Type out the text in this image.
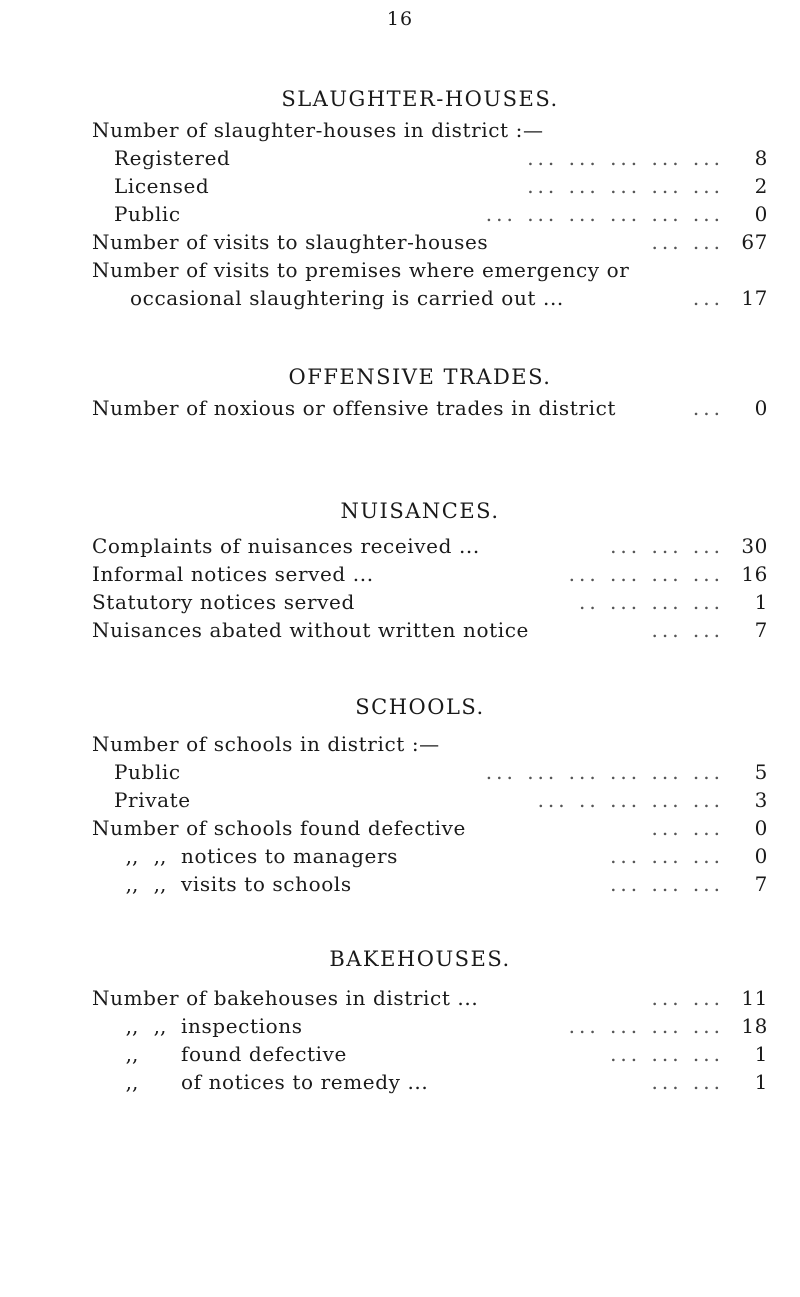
16
SLAUGHTER-HOUSES.
Number of slaughter-houses in district :—
Registered	... ... ... ... ...	8
Licensed	... ... ... ... ...	2
Public	... ... ... ... ... ...	0
Number of visits to slaughter-houses	... ... 67
Number of visits to premises where emergency or
occasional slaughtering is carried out ...	... 17
OFFENSIVE TRADES.
Number of noxious or offensive trades in district	...	0
NUISANCES.
Complaints of nuisances received ...	... ... ... 30
Informal notices served ...	... ... ... ... 16
Statutory notices served	.. ... ... ...	1
Nuisances abated without written notice	... ...	7
SCHOOLS.
Number of schools in district :—
Public	... ... ... ... ... ...	5
Private	... .. ... ... ...	3
Number of schools found defective	... ...	0
,, ,, notices to managers	... ... ...	0
,, ,, visits to schools	... ... ...	7
BAKEHOUSES.
Number of bakehouses in district ...	... ... 11
,, ,, inspections	... ... ... ... 18
,, found defective	... ... ...	1
,, of notices to remedy ...	... ...	1
